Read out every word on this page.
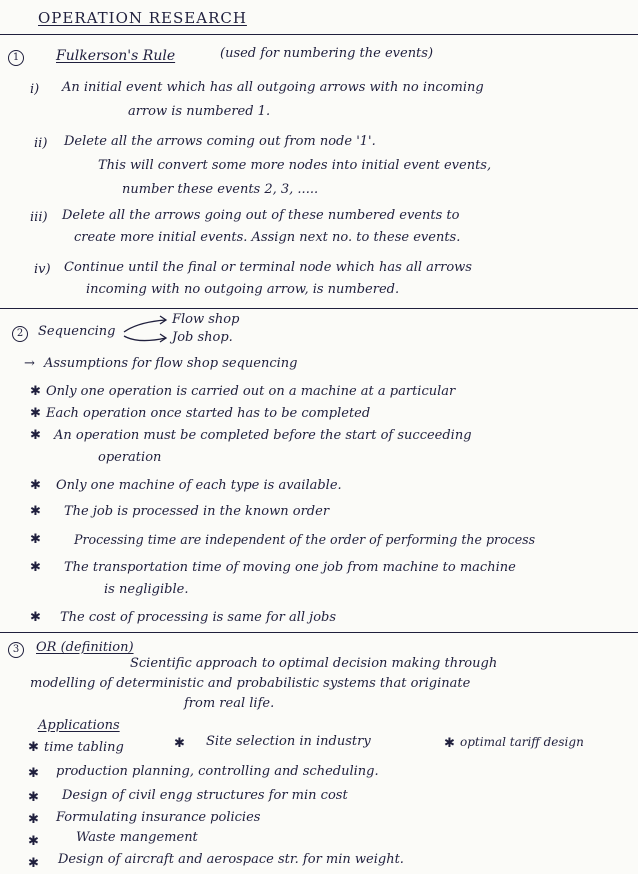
OPERATION RESEARCH
1	Fulkerson's Rule	(used for numbering the events)
i) An initial event which has all outgoing arrows with no incoming
arrow is numbered 1.
ii) Delete all the arrows coming out from node '1'.
This will convert some more nodes into initial event events,
number these events 2, 3, .....
iii) Delete all the arrows going out of these numbered events to
create more initial events. Assign next no. to these events.
iv) Continue until the final or terminal node which has all arrows
incoming with no outgoing arrow, is numbered.
2	Sequencing
Flow shop
Job shop.
→ Assumptions for flow shop sequencing
✱ Only one operation is carried out on a machine at a particular
✱ Each operation once started has to be completed
✱ An operation must be completed before the start of succeeding
operation
✱ Only one machine of each type is available.
✱ The job is processed in the known order
✱	Processing time are independent of the order of performing the process
✱ The transportation time of moving one job from machine to machine
is negligible.
✱ The cost of processing is same for all jobs
3	OR (definition)
Scientific approach to optimal decision making through
modelling of deterministic and probabilistic systems that originate
from real life.
Applications
✱ time tabling	✱ Site selection in industry	✱ optimal tariff design
✱ production planning, controlling and scheduling.
✱ Design of civil engg structures for min cost
✱ Formulating insurance policies
✱	Waste mangement
✱ Design of aircraft and aerospace str. for min weight.
